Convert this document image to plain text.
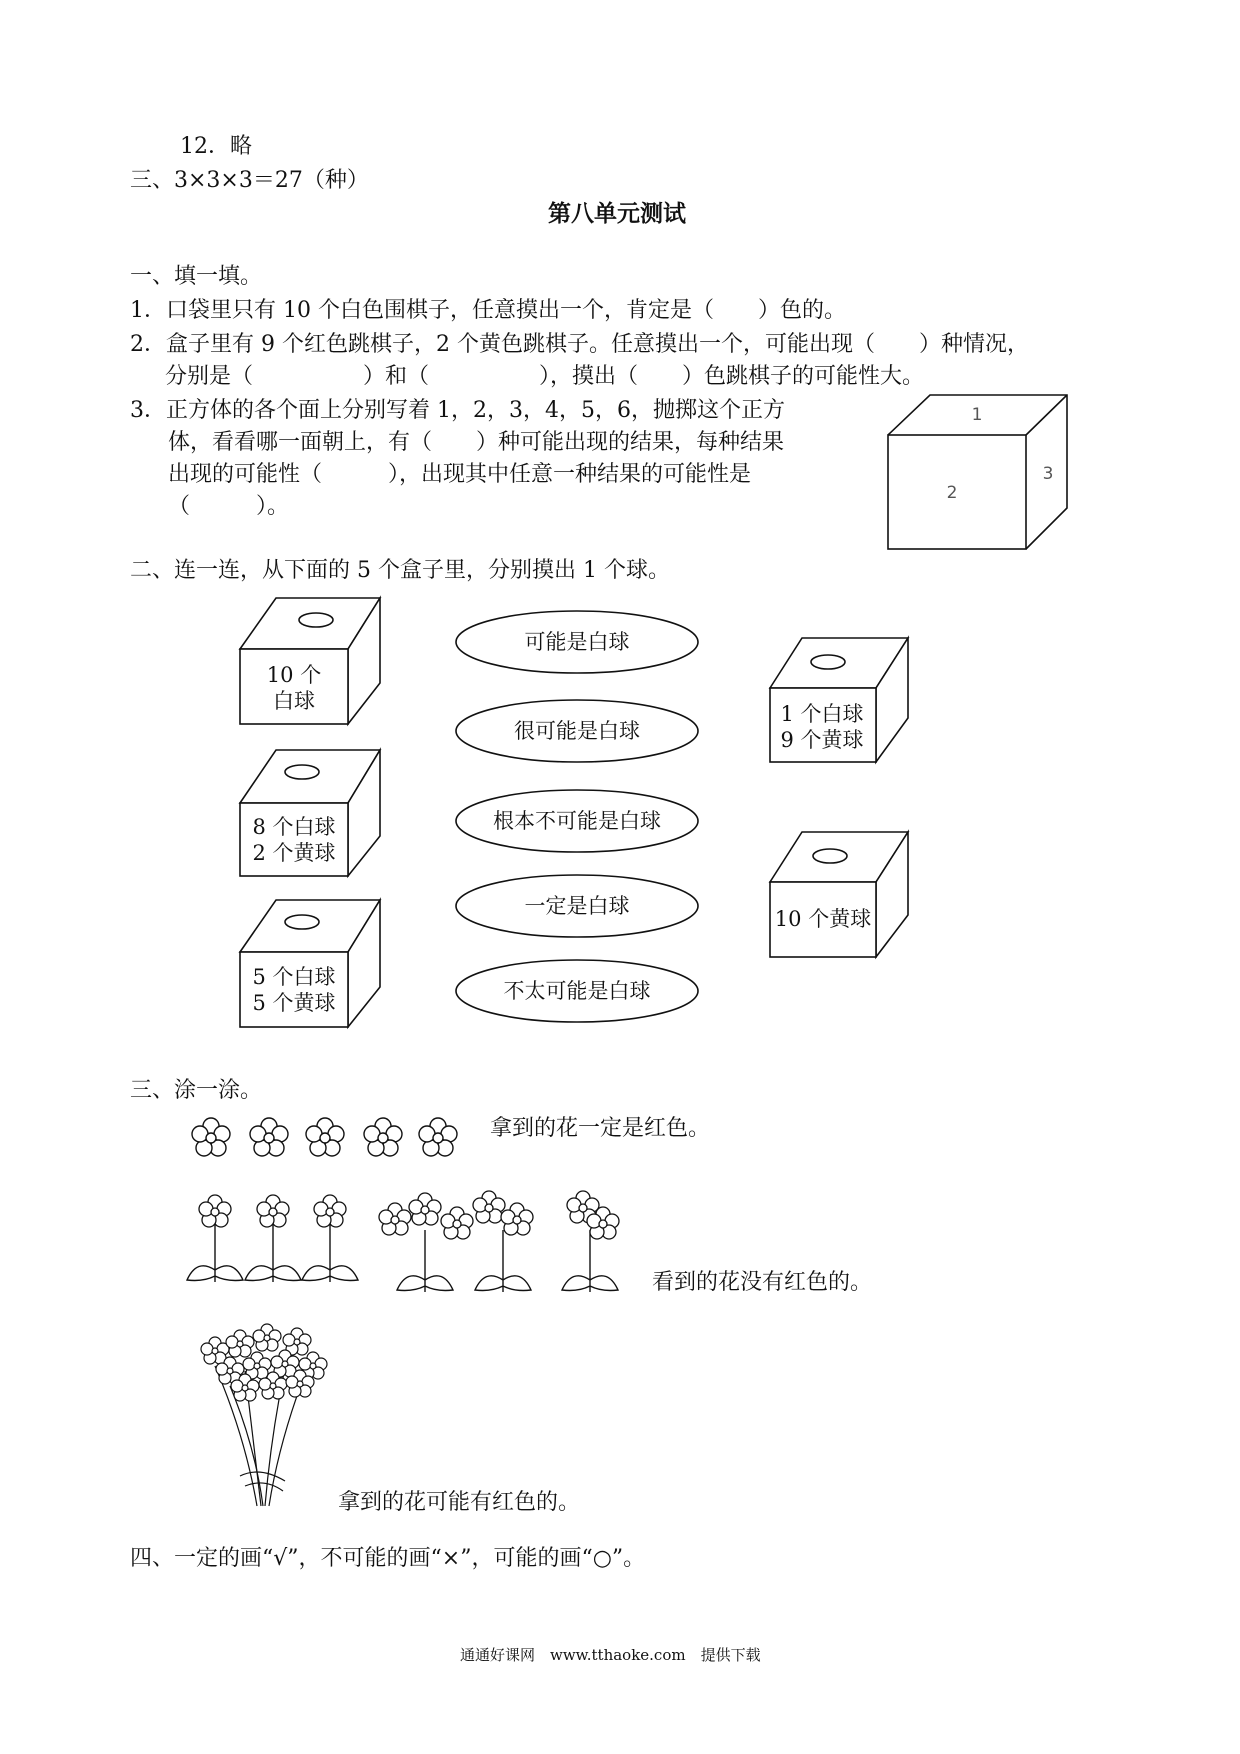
12．略
三、3×3×3＝27（种）
第八单元测试
一、填一填。
1．口袋里只有 10 个白色围棋子，任意摸出一个，肯定是（　　）色的。
2．盒子里有 9 个红色跳棋子，2 个黄色跳棋子。任意摸出一个，可能出现（　　）种情况，
分别是（　　　　　）和（　　　　　），摸出（　　）色跳棋子的可能性大。
3．正方体的各个面上分别写着 1，2，3，4，5，6，抛掷这个正方
体，看看哪一面朝上，有（　　）种可能出现的结果，每种结果
出现的可能性（　　　），出现其中任意一种结果的可能性是
（　　　）。
1
2
3
二、连一连，从下面的 5 个盒子里，分别摸出 1 个球。
10 个
白球
8 个白球
2 个黄球
5 个白球
5 个黄球
1 个白球
9 个黄球
10 个黄球
可能是白球
很可能是白球
根本不可能是白球
一定是白球
不太可能是白球
三、涂一涂。
拿到的花一定是红色。
看到的花没有红色的。
拿到的花可能有红色的。
四、一定的画“√”，不可能的画“×”，可能的画“○”。
通通好课网　www.tthaoke.com　提供下载
